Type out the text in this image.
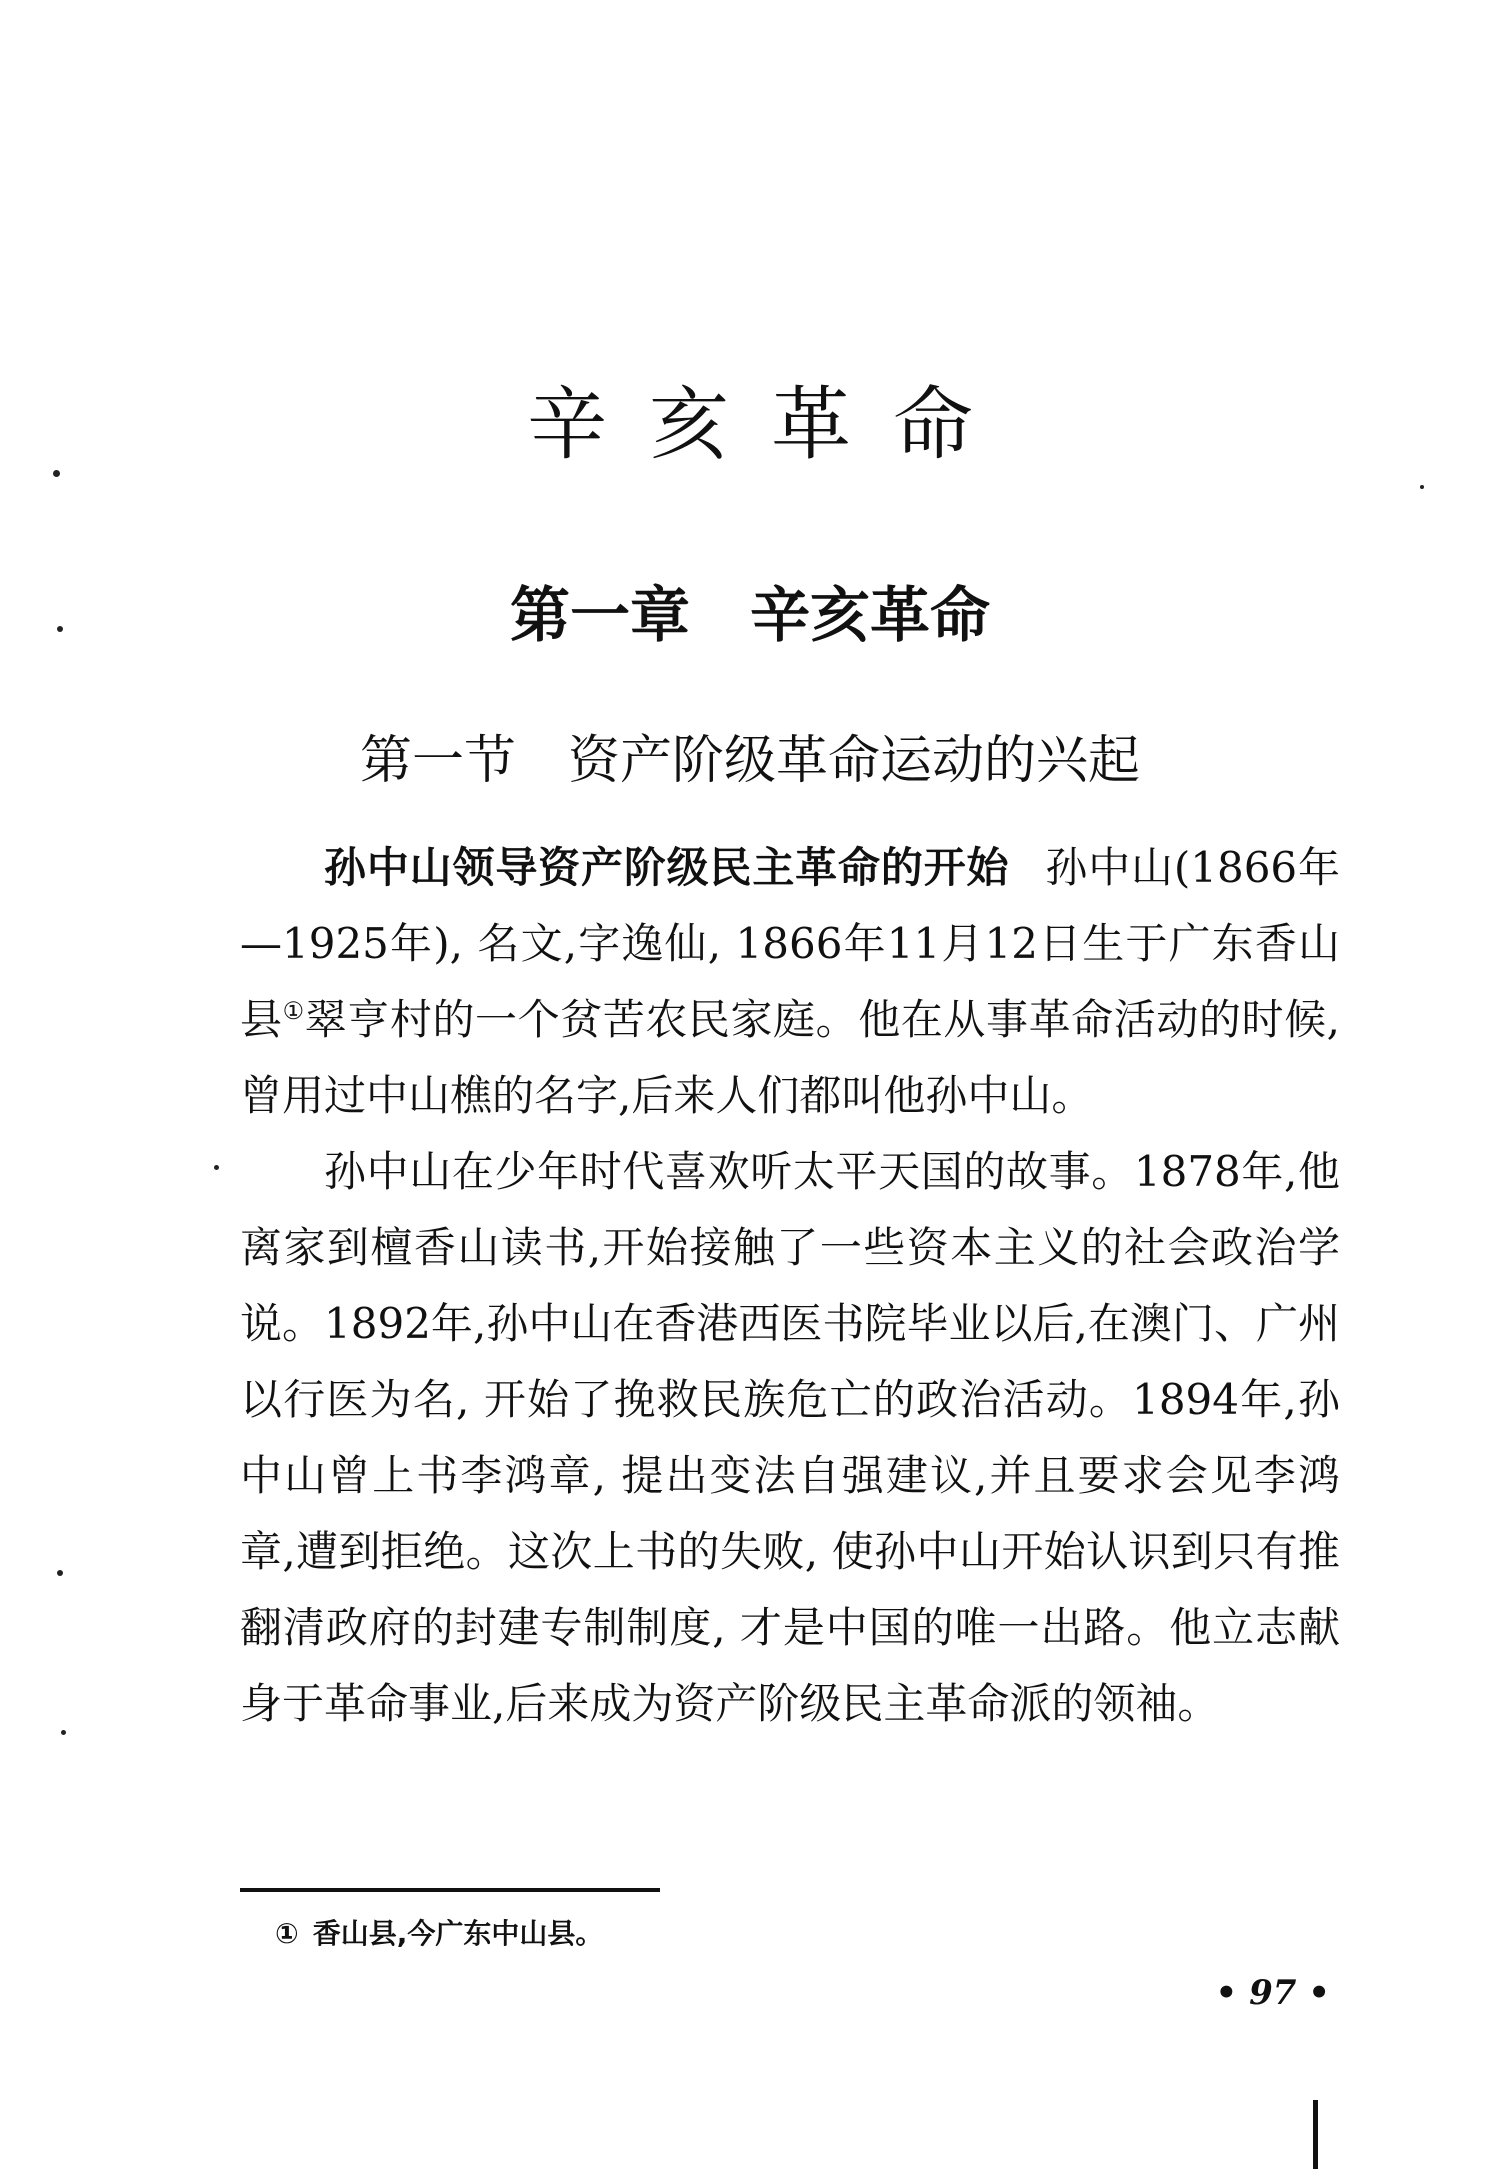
辛亥革命
第一章 辛亥革命
第一节 资产阶级革命运动的兴起

孙中山领导资产阶级民主革命的开始 孙中山(1866年—1925年), 名文,字逸仙, 1866年11月12日生于广东香山县①翠亨村的一个贫苦农民家庭。他在从事革命活动的时候,曾用过中山樵的名字,后来人们都叫他孙中山。

孙中山在少年时代喜欢听太平天国的故事。1878年,他离家到檀香山读书,开始接触了一些资本主义的社会政治学说。1892年,孙中山在香港西医书院毕业以后,在澳门、广州以行医为名, 开始了挽救民族危亡的政治活动。1894年,孙中山曾上书李鸿章, 提出变法自强建议,并且要求会见李鸿章,遭到拒绝。这次上书的失败, 使孙中山开始认识到只有推翻清政府的封建专制制度, 才是中国的唯一出路。他立志献身于革命事业,后来成为资产阶级民主革命派的领袖。

① 香山县,今广东中山县。
• 97 •
